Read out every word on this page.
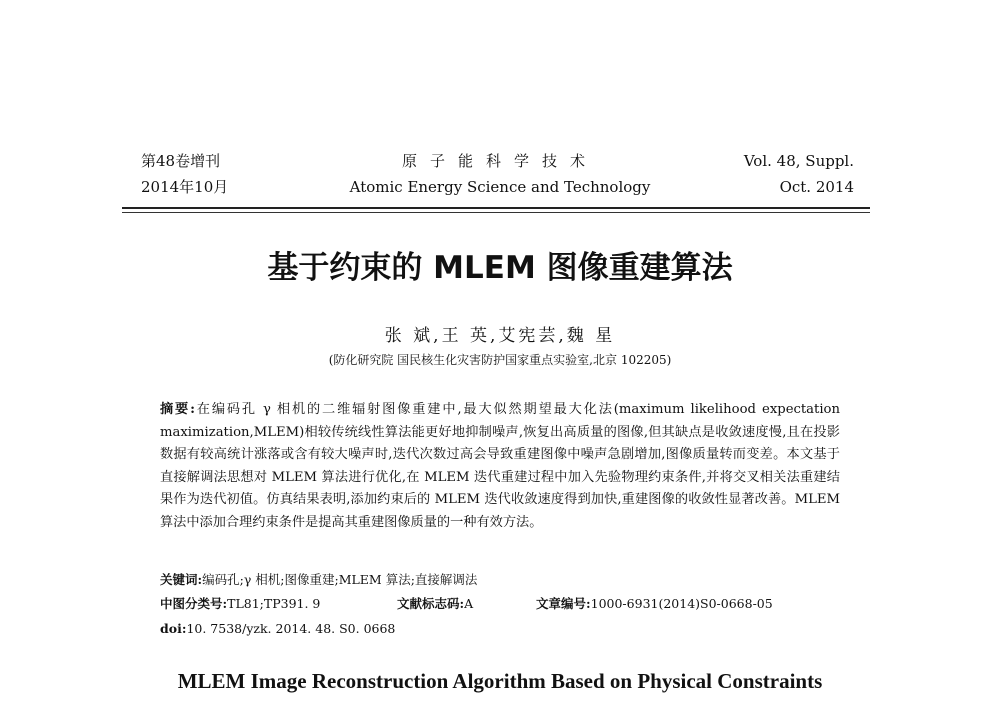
第48卷增刊	原子能科学技术	Vol. 48, Suppl.
2014年10月	Atomic Energy Science and Technology	Oct. 2014
基于约束的 MLEM 图像重建算法
张 斌,王 英,艾宪芸,魏 星
(防化研究院 国民核生化灾害防护国家重点实验室,北京 102205)
摘要:在编码孔 γ 相机的二维辐射图像重建中,最大似然期望最大化法(maximum likelihood expectation maximization,MLEM)相较传统线性算法能更好地抑制噪声,恢复出高质量的图像,但其缺点是收敛速度慢,且在投影数据有较高统计涨落或含有较大噪声时,迭代次数过高会导致重建图像中噪声急剧增加,图像质量转而变差。本文基于直接解调法思想对 MLEM 算法进行优化,在 MLEM 迭代重建过程中加入先验物理约束条件,并将交叉相关法重建结果作为迭代初值。仿真结果表明,添加约束后的 MLEM 迭代收敛速度得到加快,重建图像的收敛性显著改善。MLEM 算法中添加合理约束条件是提高其重建图像质量的一种有效方法。
关键词:编码孔;γ 相机;图像重建;MLEM 算法;直接解调法
中图分类号:TL81;TP391. 9	文献标志码:A	文章编号:1000-6931(2014)S0-0668-05
doi:10. 7538/yzk. 2014. 48. S0. 0668
MLEM Image Reconstruction Algorithm Based on Physical Constraints
